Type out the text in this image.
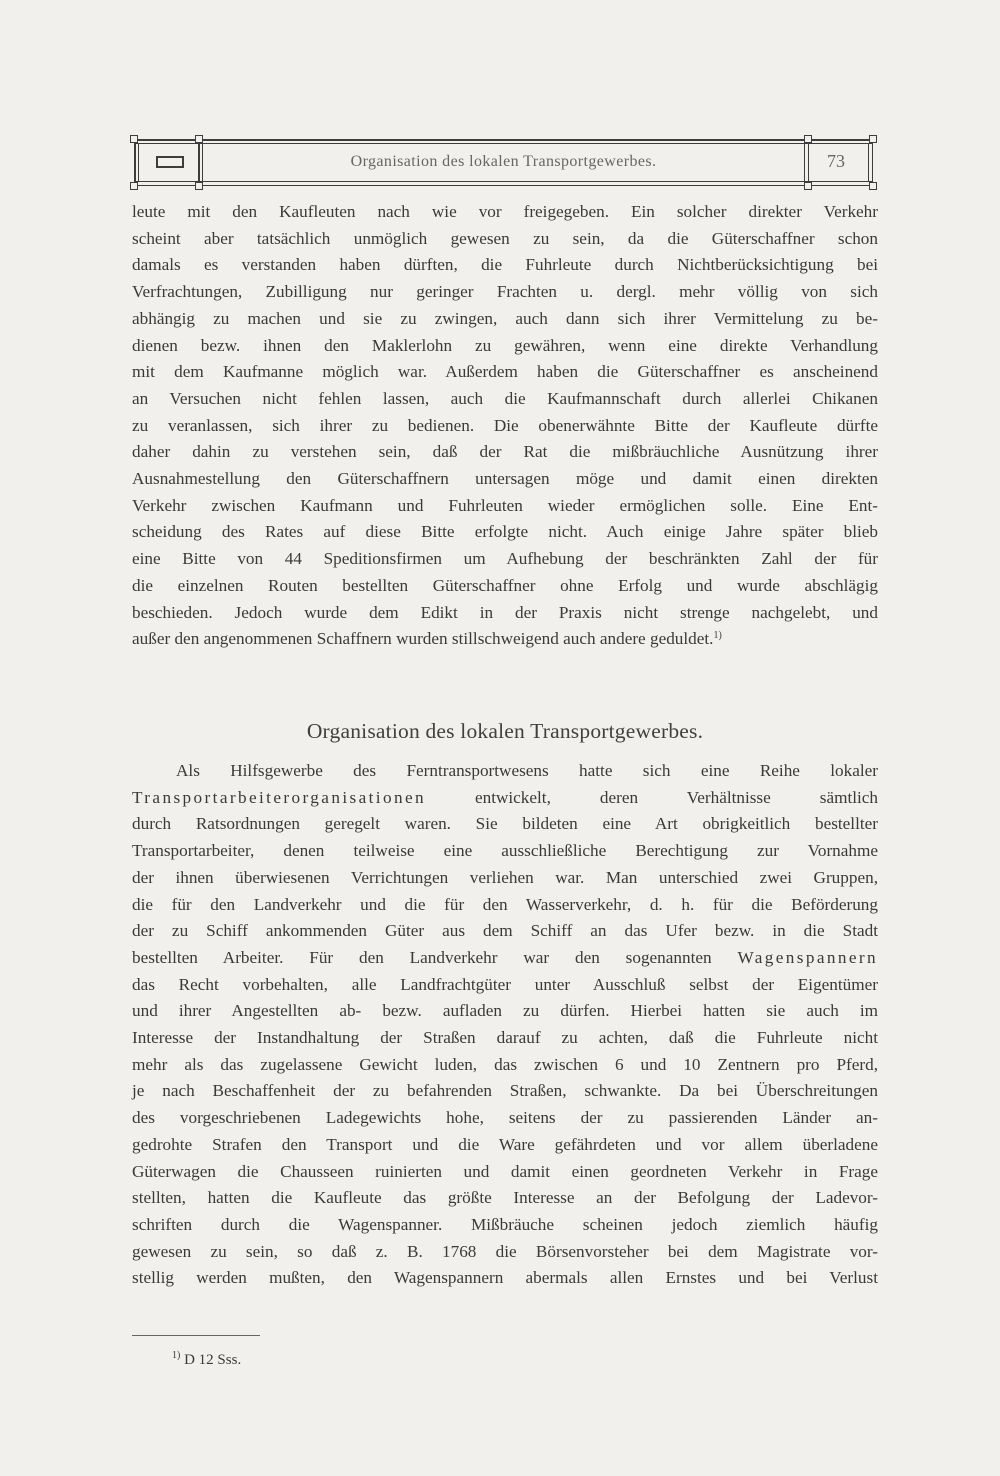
Organisation des lokalen Transportgewerbes.	73
leute mit den Kaufleuten nach wie vor freigegeben. Ein solcher direkter Verkehr
scheint aber tatsächlich unmöglich gewesen zu sein, da die Güterschaffner schon
damals es verstanden haben dürften, die Fuhrleute durch Nichtberücksichtigung bei
Verfrachtungen, Zubilligung nur geringer Frachten u. dergl. mehr völlig von sich
abhängig zu machen und sie zu zwingen, auch dann sich ihrer Vermittelung zu be-
dienen bezw. ihnen den Maklerlohn zu gewähren, wenn eine direkte Verhandlung
mit dem Kaufmanne möglich war. Außerdem haben die Güterschaffner es anscheinend
an Versuchen nicht fehlen lassen, auch die Kaufmannschaft durch allerlei Chikanen
zu veranlassen, sich ihrer zu bedienen. Die obenerwähnte Bitte der Kaufleute dürfte
daher dahin zu verstehen sein, daß der Rat die mißbräuchliche Ausnützung ihrer
Ausnahmestellung den Güterschaffnern untersagen möge und damit einen direkten
Verkehr zwischen Kaufmann und Fuhrleuten wieder ermöglichen solle. Eine Ent-
scheidung des Rates auf diese Bitte erfolgte nicht. Auch einige Jahre später blieb
eine Bitte von 44 Speditionsfirmen um Aufhebung der beschränkten Zahl der für
die einzelnen Routen bestellten Güterschaffner ohne Erfolg und wurde abschlägig
beschieden. Jedoch wurde dem Edikt in der Praxis nicht strenge nachgelebt, und
außer den angenommenen Schaffnern wurden stillschweigend auch andere geduldet.$^{1)}$
Organisation des lokalen Transportgewerbes.
Als Hilfsgewerbe des Ferntransportwesens hatte sich eine Reihe lokaler
Transportarbeiterorganisationen entwickelt, deren Verhältnisse sämtlich
durch Ratsordnungen geregelt waren. Sie bildeten eine Art obrigkeitlich bestellter
Transportarbeiter, denen teilweise eine ausschließliche Berechtigung zur Vornahme
der ihnen überwiesenen Verrichtungen verliehen war. Man unterschied zwei Gruppen,
die für den Landverkehr und die für den Wasserverkehr, d. h. für die Beförderung
der zu Schiff ankommenden Güter aus dem Schiff an das Ufer bezw. in die Stadt
bestellten Arbeiter. Für den Landverkehr war den sogenannten Wagenspannern
das Recht vorbehalten, alle Landfrachtgüter unter Ausschluß selbst der Eigentümer
und ihrer Angestellten ab- bezw. aufladen zu dürfen. Hierbei hatten sie auch im
Interesse der Instandhaltung der Straßen darauf zu achten, daß die Fuhrleute nicht
mehr als das zugelassene Gewicht luden, das zwischen 6 und 10 Zentnern pro Pferd,
je nach Beschaffenheit der zu befahrenden Straßen, schwankte. Da bei Überschreitungen
des vorgeschriebenen Ladegewichts hohe, seitens der zu passierenden Länder an-
gedrohte Strafen den Transport und die Ware gefährdeten und vor allem überladene
Güterwagen die Chausseen ruinierten und damit einen geordneten Verkehr in Frage
stellten, hatten die Kaufleute das größte Interesse an der Befolgung der Ladevor-
schriften durch die Wagenspanner. Mißbräuche scheinen jedoch ziemlich häufig
gewesen zu sein, so daß z. B. 1768 die Börsenvorsteher bei dem Magistrate vor-
stellig werden mußten, den Wagenspannern abermals allen Ernstes und bei Verlust
$^{1)}$ D 12 Sss.
